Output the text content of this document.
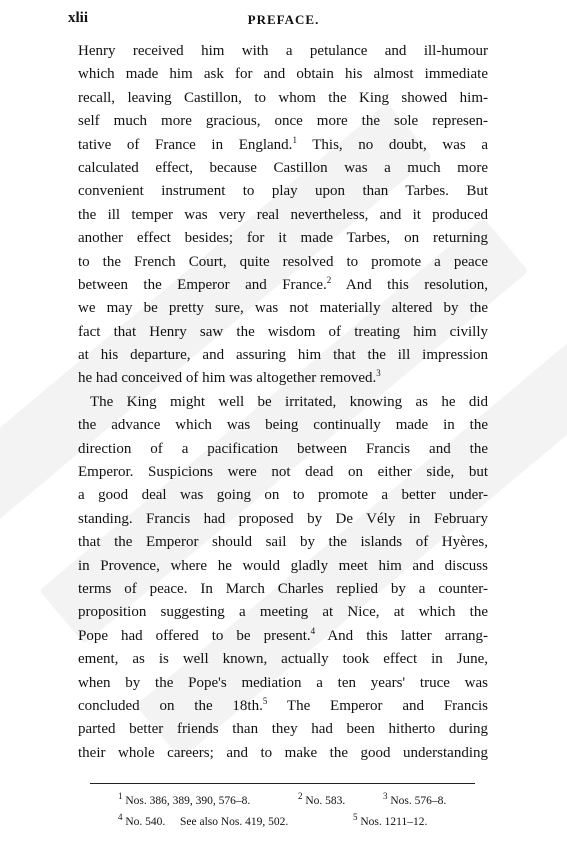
xlii	PREFACE.
Henry received him with a petulance and ill-humour
which made him ask for and obtain his almost immediate
recall, leaving Castillon, to whom the King showed him-
self much more gracious, once more the sole represen-
tative of France in England.$^1$ This, no doubt, was a
calculated effect, because Castillon was a much more
convenient instrument to play upon than Tarbes. But
the ill temper was very real nevertheless, and it produced
another effect besides; for it made Tarbes, on returning
to the French Court, quite resolved to promote a peace
between the Emperor and France.$^2$ And this resolution,
we may be pretty sure, was not materially altered by the
fact that Henry saw the wisdom of treating him civilly
at his departure, and assuring him that the ill impression
he had conceived of him was altogether removed.$^3$
The King might well be irritated, knowing as he did
the advance which was being continually made in the
direction of a pacification between Francis and the
Emperor. Suspicions were not dead on either side, but
a good deal was going on to promote a better under-
standing. Francis had proposed by De Vély in February
that the Emperor should sail by the islands of Hyères,
in Provence, where he would gladly meet him and discuss
terms of peace. In March Charles replied by a counter-
proposition suggesting a meeting at Nice, at which the
Pope had offered to be present.$^4$ And this latter arrang-
ement, as is well known, actually took effect in June,
when by the Pope's mediation a ten years' truce was
concluded on the 18th.$^5$ The Emperor and Francis
parted better friends than they had been hitherto during
their whole careers; and to make the good understanding
$^1$ Nos. 386, 389, 390, 576–8.	$^2$ No. 583.	$^3$ Nos. 576–8.
$^4$ No. 540. See also Nos. 419, 502.	$^5$ Nos. 1211–12.
